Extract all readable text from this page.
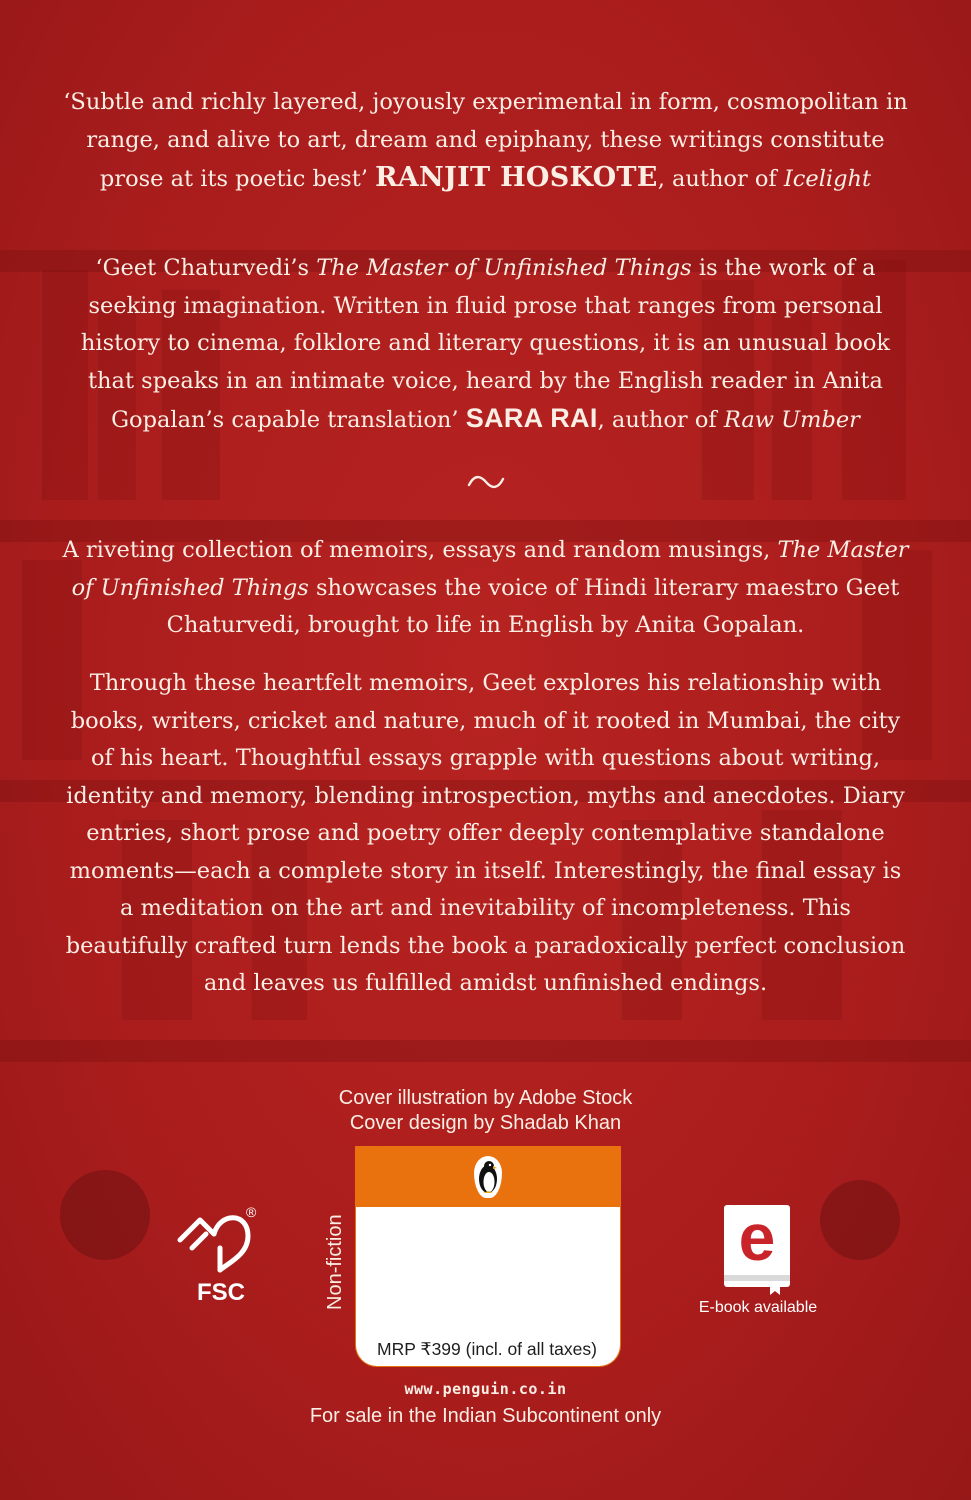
‘Subtle and richly layered, joyously experimental in form, cosmopolitan in range, and alive to art, dream and epiphany, these writings constitute prose at its poetic best’ RANJIT HOSKOTE, author of Icelight

‘Geet Chaturvedi’s The Master of Unfinished Things is the work of a seeking imagination. Written in fluid prose that ranges from personal history to cinema, folklore and literary questions, it is an unusual book that speaks in an intimate voice, heard by the English reader in Anita Gopalan’s capable translation’ SARA RAI, author of Raw Umber

A riveting collection of memoirs, essays and random musings, The Master of Unfinished Things showcases the voice of Hindi literary maestro Geet Chaturvedi, brought to life in English by Anita Gopalan.

Through these heartfelt memoirs, Geet explores his relationship with books, writers, cricket and nature, much of it rooted in Mumbai, the city of his heart. Thoughtful essays grapple with questions about writing, identity and memory, blending introspection, myths and anecdotes. Diary entries, short prose and poetry offer deeply contemplative standalone moments—each a complete story in itself. Interestingly, the final essay is a meditation on the art and inevitability of incompleteness. This beautifully crafted turn lends the book a paradoxically perfect conclusion and leaves us fulfilled amidst unfinished endings.

Cover illustration by Adobe Stock
Cover design by Shadab Khan
®
FSC
MRP ₹399 (incl. of all taxes)
Non-fiction	e
E-book available
www.penguin.co.in
For sale in the Indian Subcontinent only
